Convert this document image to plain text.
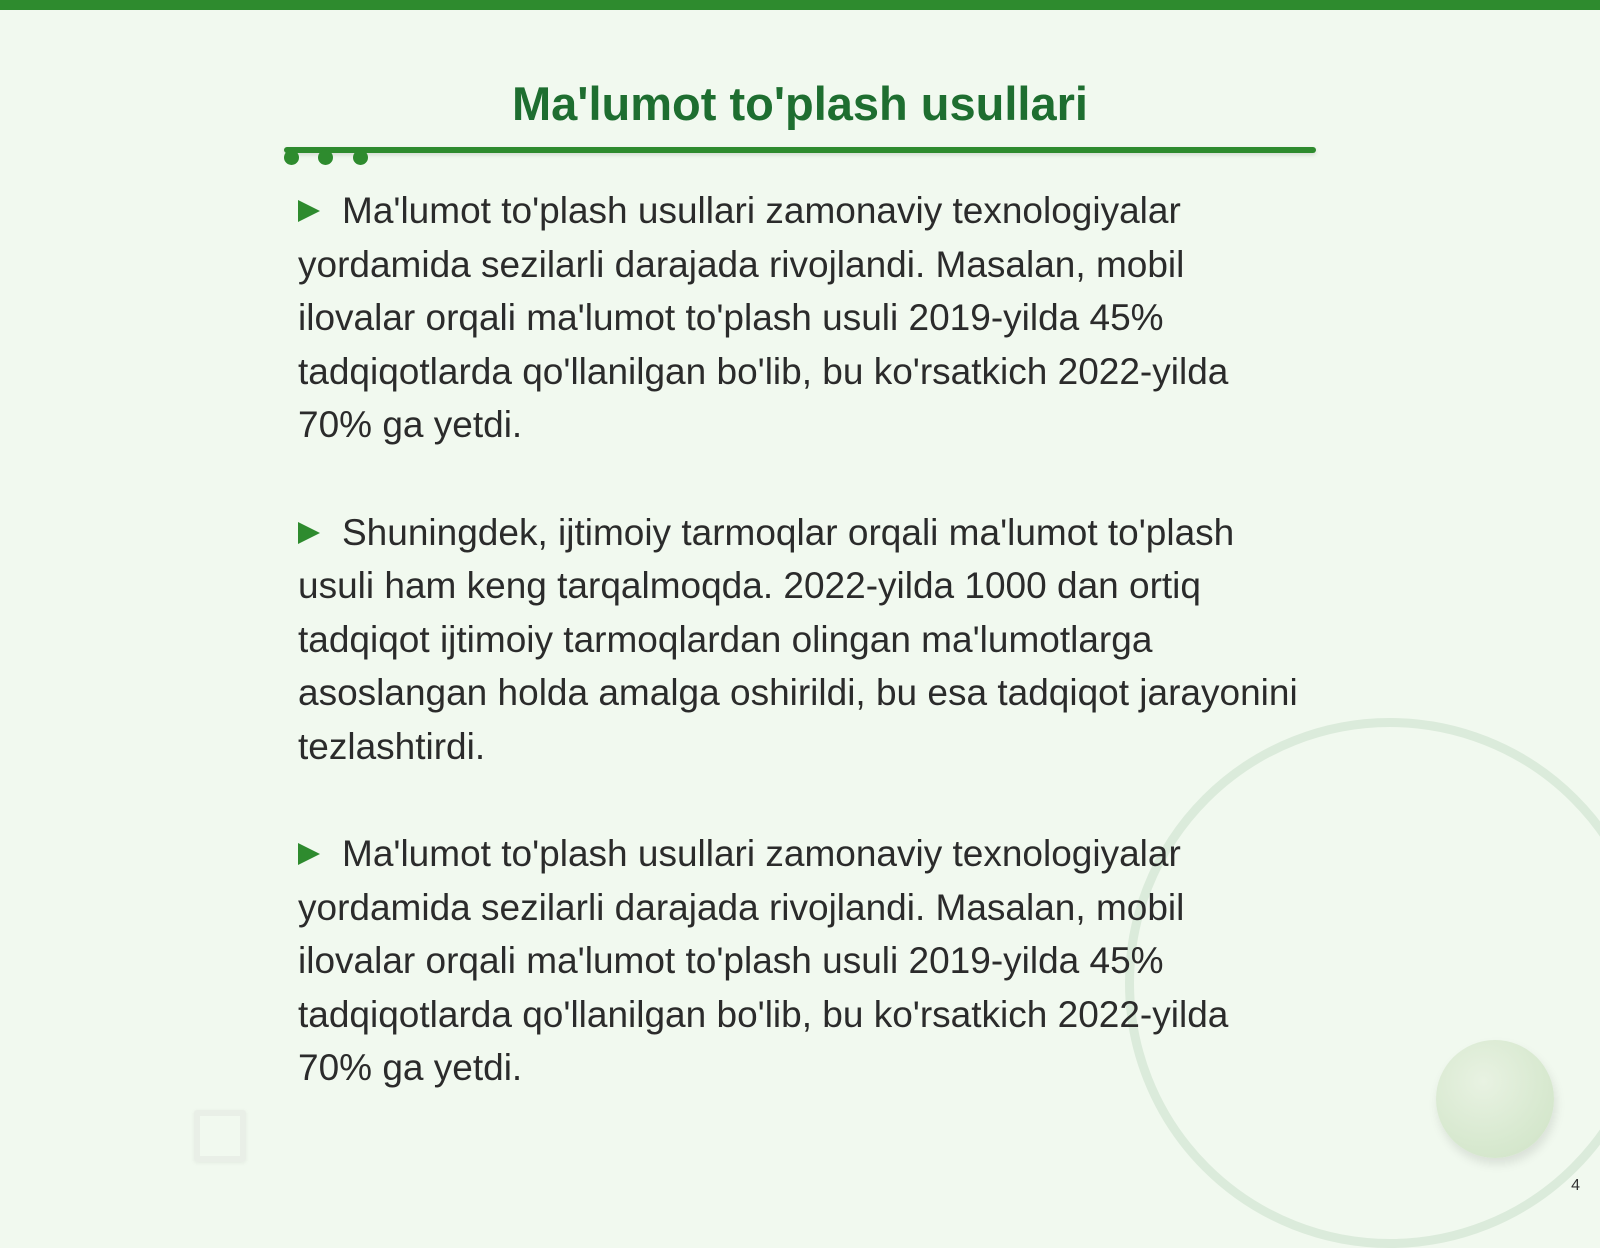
Ma'lumot to'plash usullari

Ma'lumot to'plash usullari zamonaviy texnologiyalar yordamida sezilarli darajada rivojlandi. Masalan, mobil ilovalar orqali ma'lumot to'plash usuli 2019-yilda 45% tadqiqotlarda qo'llanilgan bo'lib, bu ko'rsatkich 2022-yilda 70% ga yetdi.

Shuningdek, ijtimoiy tarmoqlar orqali ma'lumot to'plash usuli ham keng tarqalmoqda. 2022-yilda 1000 dan ortiq tadqiqot ijtimoiy tarmoqlardan olingan ma'lumotlarga asoslangan holda amalga oshirildi, bu esa tadqiqot jarayonini tezlashtirdi.

Ma'lumot to'plash usullari zamonaviy texnologiyalar yordamida sezilarli darajada rivojlandi. Masalan, mobil ilovalar orqali ma'lumot to'plash usuli 2019-yilda 45% tadqiqotlarda qo'llanilgan bo'lib, bu ko'rsatkich 2022-yilda 70% ga yetdi.

4
